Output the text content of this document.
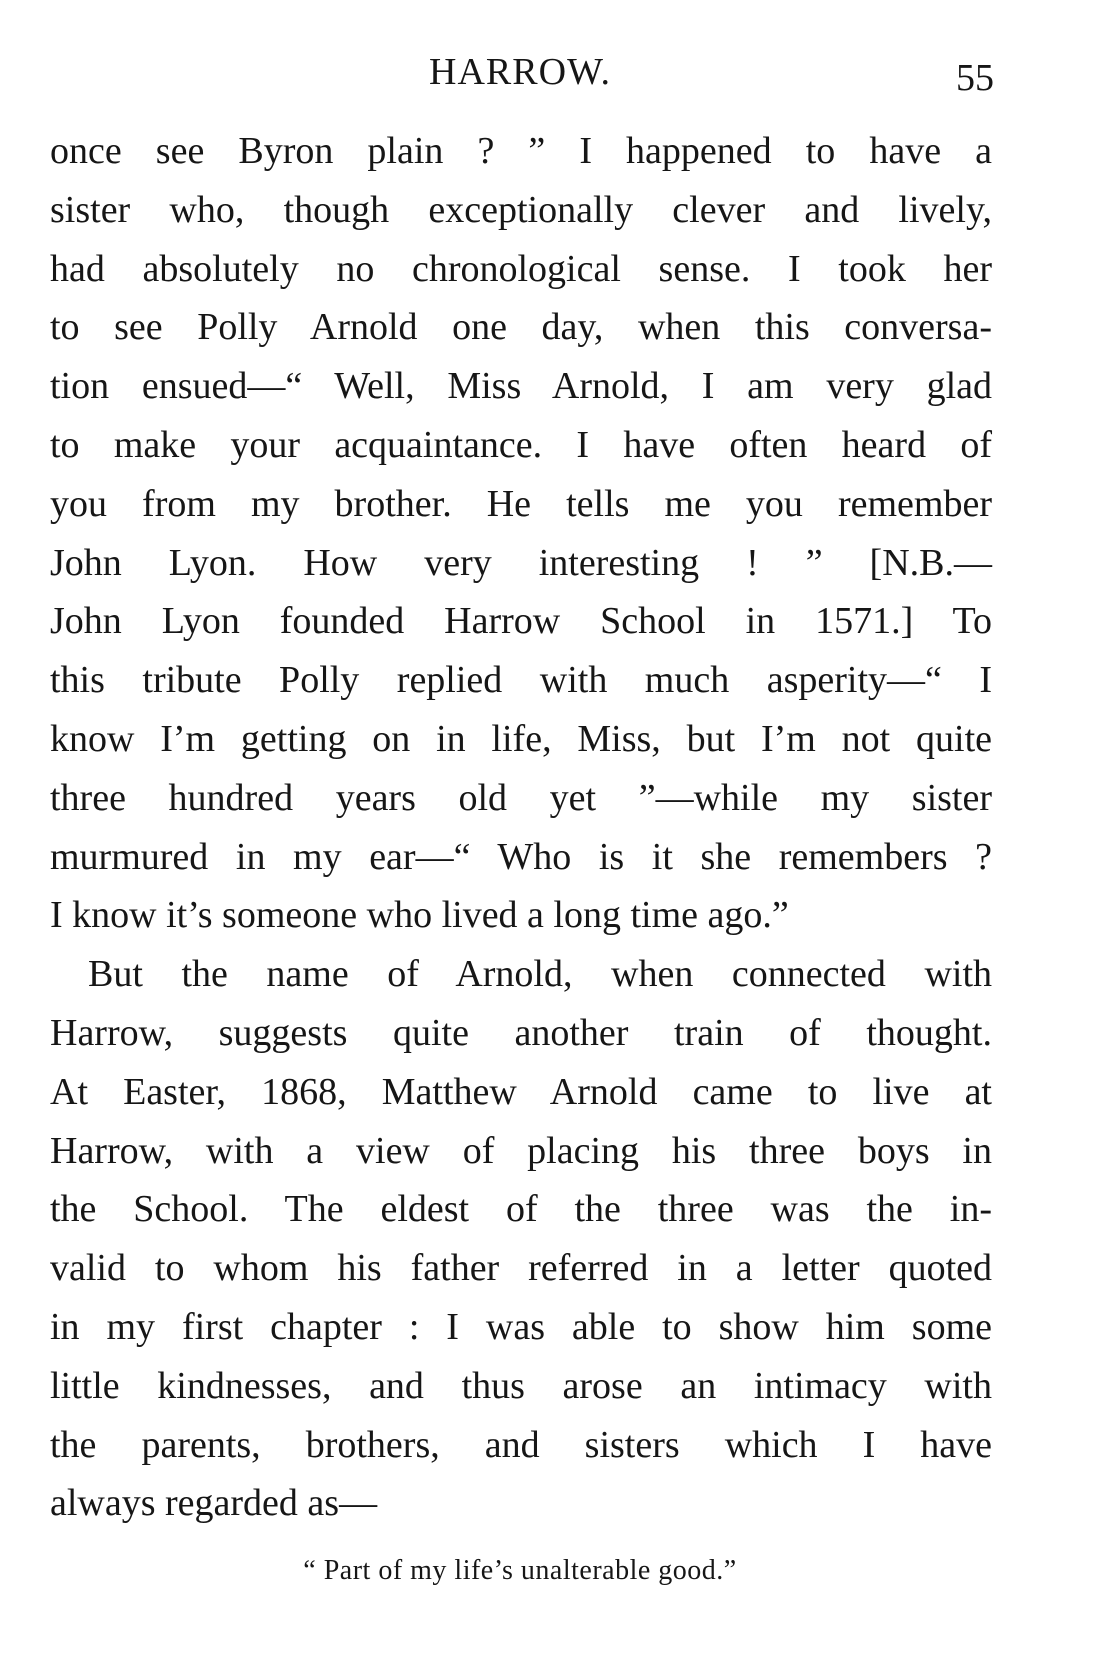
HARROW.	55
once see Byron plain ? ” I happened to have a
sister who, though exceptionally clever and lively,
had absolutely no chronological sense. I took her
to see Polly Arnold one day, when this conversa-
tion ensued—“ Well, Miss Arnold, I am very glad
to make your acquaintance. I have often heard of
you from my brother. He tells me you remember
John Lyon. How very interesting ! ” [N.B.—
John Lyon founded Harrow School in 1571.] To
this tribute Polly replied with much asperity—“ I
know I’m getting on in life, Miss, but I’m not quite
three hundred years old yet ”—while my sister
murmured in my ear—“ Who is it she remembers ?
I know it’s someone who lived a long time ago.”
But the name of Arnold, when connected with
Harrow, suggests quite another train of thought.
At Easter, 1868, Matthew Arnold came to live at
Harrow, with a view of placing his three boys in
the School. The eldest of the three was the in-
valid to whom his father referred in a letter quoted
in my first chapter : I was able to show him some
little kindnesses, and thus arose an intimacy with
the parents, brothers, and sisters which I have
always regarded as—
“ Part of my life’s unalterable good.”
